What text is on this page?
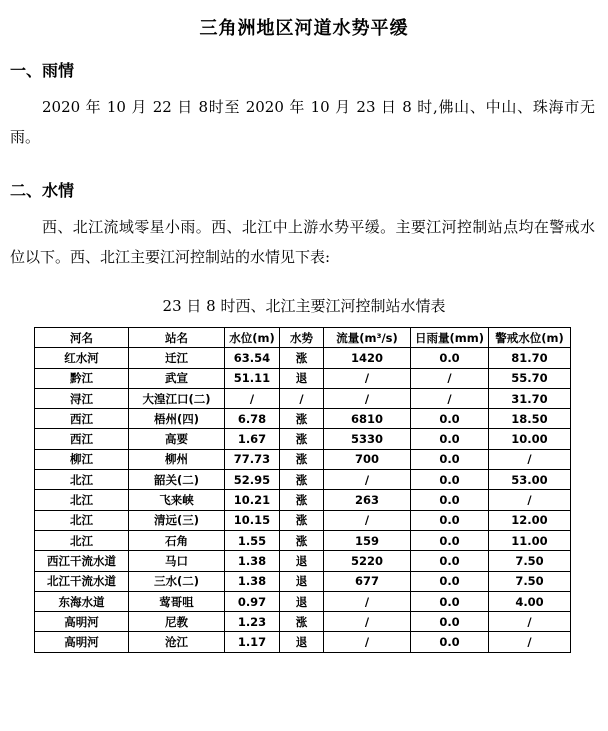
三角洲地区河道水势平缓
一、雨情
2020 年 10 月 22 日 8时至 2020 年 10 月 23 日 8 时,佛山、中山、珠海市无雨。
二、水情
西、北江流域零星小雨。西、北江中上游水势平缓。主要江河控制站点均在警戒水位以下。西、北江主要江河控制站的水情见下表:
23 日 8 时西、北江主要江河控制站水情表
河名	站名	水位(m)	水势	流量(m³/s)	日雨量(mm)	警戒水位(m)
红水河	迁江	63.54	涨	1420	0.0	81.70
黔江	武宣	51.11	退	/	/	55.70
浔江	大湟江口(二)	/	/	/	/	31.70
西江	梧州(四)	6.78	涨	6810	0.0	18.50
西江	高要	1.67	涨	5330	0.0	10.00
柳江	柳州	77.73	涨	700	0.0	/
北江	韶关(二)	52.95	涨	/	0.0	53.00
北江	飞来峡	10.21	涨	263	0.0	/
北江	清远(三)	10.15	涨	/	0.0	12.00
北江	石角	1.55	涨	159	0.0	11.00
西江干流水道	马口	1.38	退	5220	0.0	7.50
北江干流水道	三水(二)	1.38	退	677	0.0	7.50
东海水道	莺哥咀	0.97	退	/	0.0	4.00
高明河	尼教	1.23	涨	/	0.0	/
高明河	沧江	1.17	退	/	0.0	/
